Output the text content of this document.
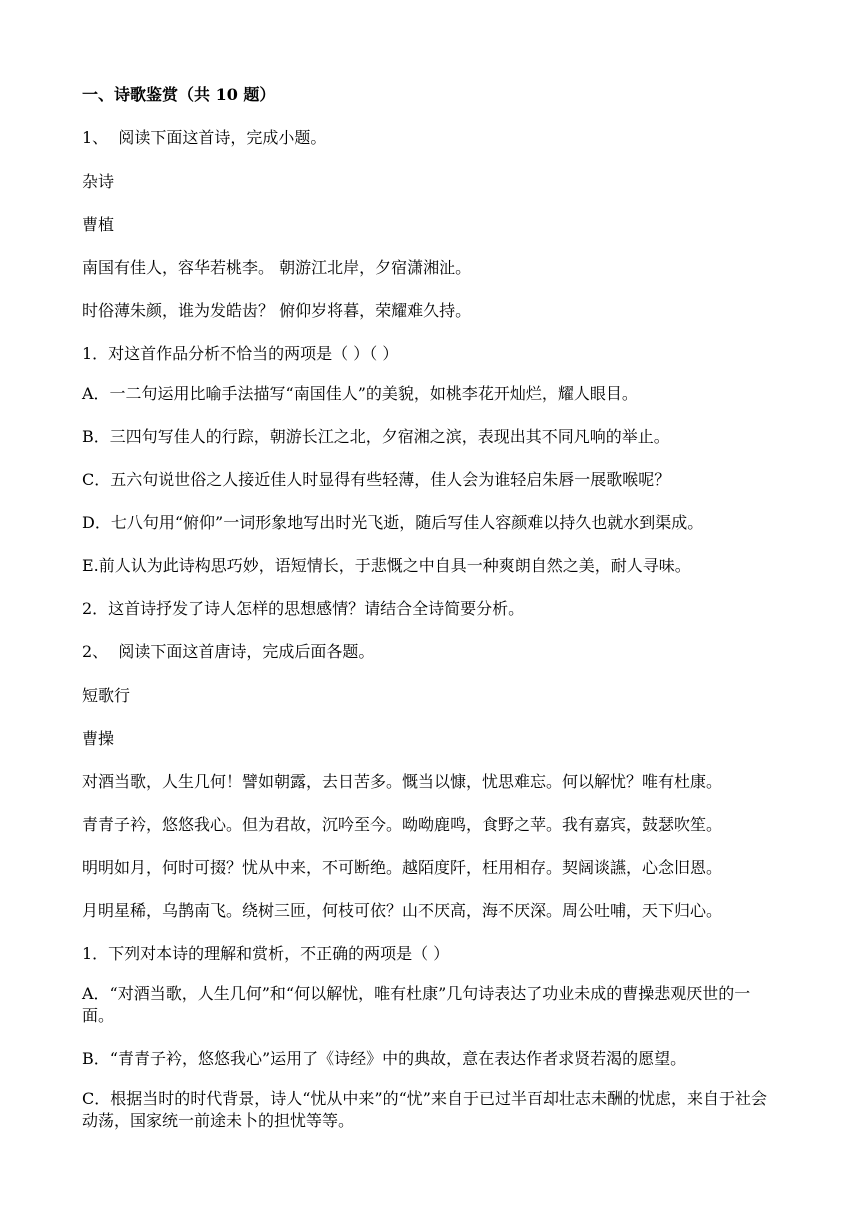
一、诗歌鉴赏（共 10 题）
1、 阅读下面这首诗，完成小题。
杂诗
曹植
南国有佳人，容华若桃李。 朝游江北岸，夕宿潇湘沚。
时俗薄朱颜，谁为发皓齿？ 俯仰岁将暮，荣耀难久持。
1．对这首作品分析不恰当的两项是（ ）（ ）
A．一二句运用比喻手法描写“南国佳人”的美貌，如桃李花开灿烂，耀人眼目。
B．三四句写佳人的行踪，朝游长江之北，夕宿湘之滨，表现出其不同凡响的举止。
C．五六句说世俗之人接近佳人时显得有些轻薄，佳人会为谁轻启朱唇一展歌喉呢？
D．七八句用“俯仰”一词形象地写出时光飞逝，随后写佳人容颜难以持久也就水到渠成。
E.前人认为此诗构思巧妙，语短情长，于悲慨之中自具一种爽朗自然之美，耐人寻味。
2．这首诗抒发了诗人怎样的思想感情？请结合全诗简要分析。
2、 阅读下面这首唐诗，完成后面各题。
短歌行
曹操
对酒当歌，人生几何！譬如朝露，去日苦多。慨当以慷，忧思难忘。何以解忧？唯有杜康。
青青子衿，悠悠我心。但为君故，沉吟至今。呦呦鹿鸣，食野之苹。我有嘉宾，鼓瑟吹笙。
明明如月，何时可掇？忧从中来，不可断绝。越陌度阡，枉用相存。契阔谈讌，心念旧恩。
月明星稀，乌鹊南飞。绕树三匝，何枝可依？山不厌高，海不厌深。周公吐哺，天下归心。
1．下列对本诗的理解和赏析，不正确的两项是（ ）
A．“对酒当歌，人生几何”和“何以解忧，唯有杜康”几句诗表达了功业未成的曹操悲观厌世的一面。
B．“青青子衿，悠悠我心”运用了《诗经》中的典故，意在表达作者求贤若渴的愿望。
C．根据当时的时代背景，诗人“忧从中来”的“忧”来自于已过半百却壮志未酬的忧虑，来自于社会动荡，国家统一前途未卜的担忧等等。
